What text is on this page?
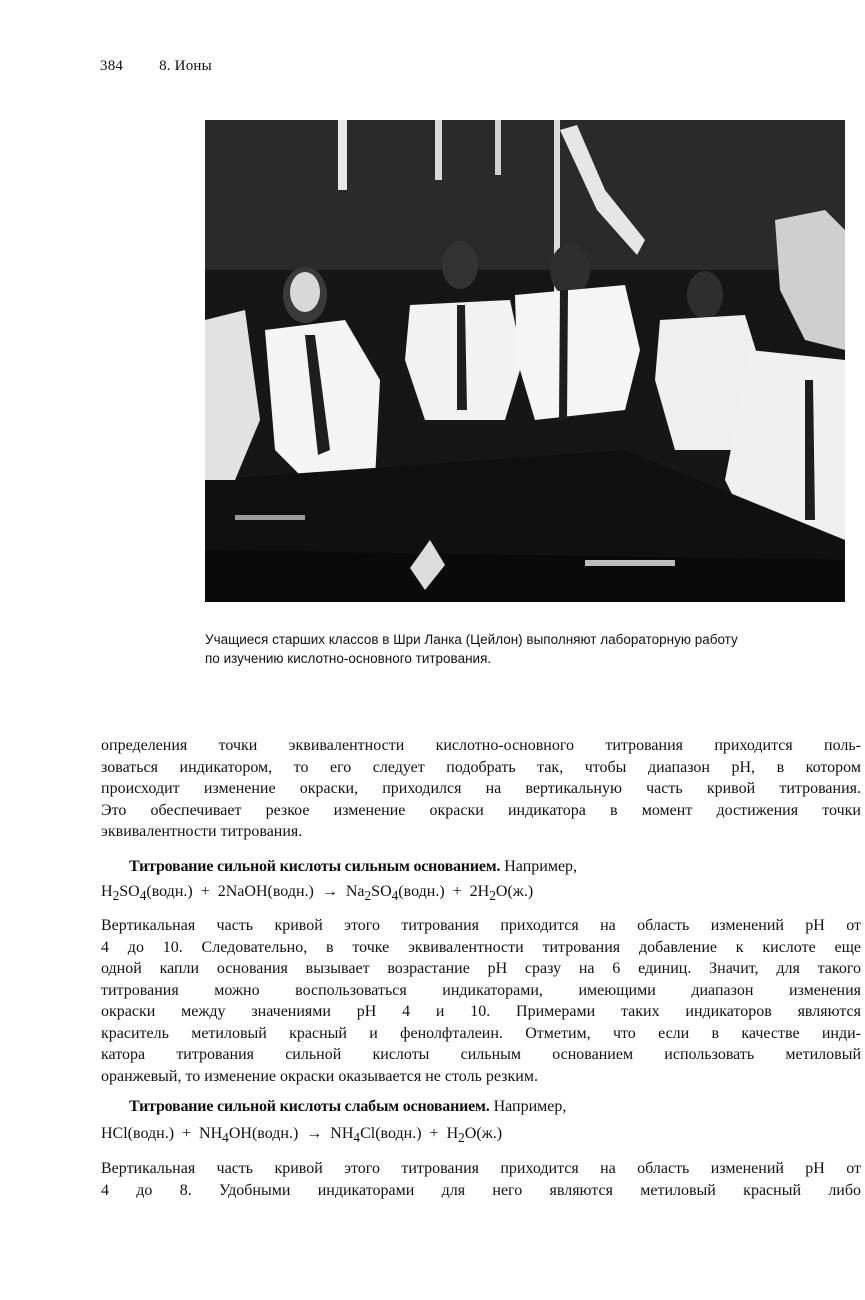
384 8. Ионы
Учащиеся старших классов в Шри Ланка (Цейлон) выполняют лабораторную работу
по изучению кислотно-основного титрования.
определения точки эквивалентности кислотно-основного титрования приходится поль-
зоваться индикатором, то его следует подобрать так, чтобы диапазон pH, в котором
происходит изменение окраски, приходился на вертикальную часть кривой титрования.
Это обеспечивает резкое изменение окраски индикатора в момент достижения точки
эквивалентности титрования.
Титрование сильной кислоты сильным основанием. Например,
$H_2SO_4(водн.)$ + 2NaOH(водн.) → $Na_2SO_4(водн.) + 2H_2O(ж.)$
Вертикальная часть кривой этого титрования приходится на область изменений pH от
4 до 10. Следовательно, в точке эквивалентности титрования добавление к кислоте еще
одной капли основания вызывает возрастание pH сразу на 6 единиц. Значит, для такого
титрования можно воспользоваться индикаторами, имеющими диапазон изменения
окраски между значениями pH 4 и 10. Примерами таких индикаторов являются
краситель метиловый красный и фенолфталеин. Отметим, что если в качестве инди-
катора титрования сильной кислоты сильным основанием использовать метиловый
оранжевый, то изменение окраски оказывается не столь резким.
Титрование сильной кислоты слабым основанием. Например,
HCl(водн.) + $NH_4OH(водн.)$ → $NH_4Cl(водн.) + H_2O(ж.)$
Вертикальная часть кривой этого титрования приходится на область изменений pH от
4 до 8. Удобными индикаторами для него являются метиловый красный либо
